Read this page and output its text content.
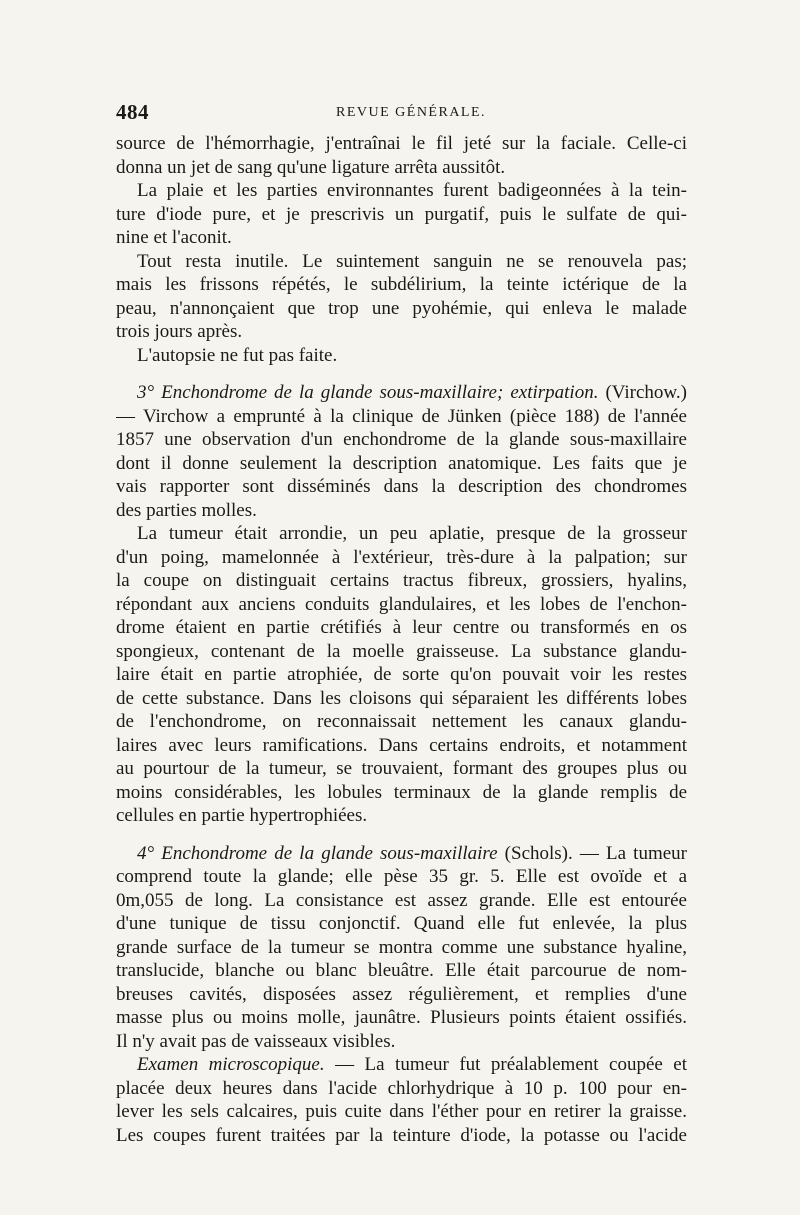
484	REVUE GÉNÉRALE.
source de l'hémorrhagie, j'entraînai le fil jeté sur la faciale. Celle-ci
donna un jet de sang qu'une ligature arrêta aussitôt.
La plaie et les parties environnantes furent badigeonnées à la tein-
ture d'iode pure, et je prescrivis un purgatif, puis le sulfate de qui-
nine et l'aconit.
Tout resta inutile. Le suintement sanguin ne se renouvela pas;
mais les frissons répétés, le subdélirium, la teinte ictérique de la
peau, n'annonçaient que trop une pyohémie, qui enleva le malade
trois jours après.
L'autopsie ne fut pas faite.
3° Enchondrome de la glande sous-maxillaire; extirpation. (Virchow.)
— Virchow a emprunté à la clinique de Jünken (pièce 188) de l'année
1857 une observation d'un enchondrome de la glande sous-maxillaire
dont il donne seulement la description anatomique. Les faits que je
vais rapporter sont disséminés dans la description des chondromes
des parties molles.
La tumeur était arrondie, un peu aplatie, presque de la grosseur
d'un poing, mamelonnée à l'extérieur, très-dure à la palpation; sur
la coupe on distinguait certains tractus fibreux, grossiers, hyalins,
répondant aux anciens conduits glandulaires, et les lobes de l'enchon-
drome étaient en partie crétifiés à leur centre ou transformés en os
spongieux, contenant de la moelle graisseuse. La substance glandu-
laire était en partie atrophiée, de sorte qu'on pouvait voir les restes
de cette substance. Dans les cloisons qui séparaient les différents lobes
de l'enchondrome, on reconnaissait nettement les canaux glandu-
laires avec leurs ramifications. Dans certains endroits, et notamment
au pourtour de la tumeur, se trouvaient, formant des groupes plus ou
moins considérables, les lobules terminaux de la glande remplis de
cellules en partie hypertrophiées.
4° Enchondrome de la glande sous-maxillaire (Schols). — La tumeur
comprend toute la glande; elle pèse 35 gr. 5. Elle est ovoïde et a
0m,055 de long. La consistance est assez grande. Elle est entourée
d'une tunique de tissu conjonctif. Quand elle fut enlevée, la plus
grande surface de la tumeur se montra comme une substance hyaline,
translucide, blanche ou blanc bleuâtre. Elle était parcourue de nom-
breuses cavités, disposées assez régulièrement, et remplies d'une
masse plus ou moins molle, jaunâtre. Plusieurs points étaient ossifiés.
Il n'y avait pas de vaisseaux visibles.
Examen microscopique. — La tumeur fut préalablement coupée et
placée deux heures dans l'acide chlorhydrique à 10 p. 100 pour en-
lever les sels calcaires, puis cuite dans l'éther pour en retirer la graisse.
Les coupes furent traitées par la teinture d'iode, la potasse ou l'acide
